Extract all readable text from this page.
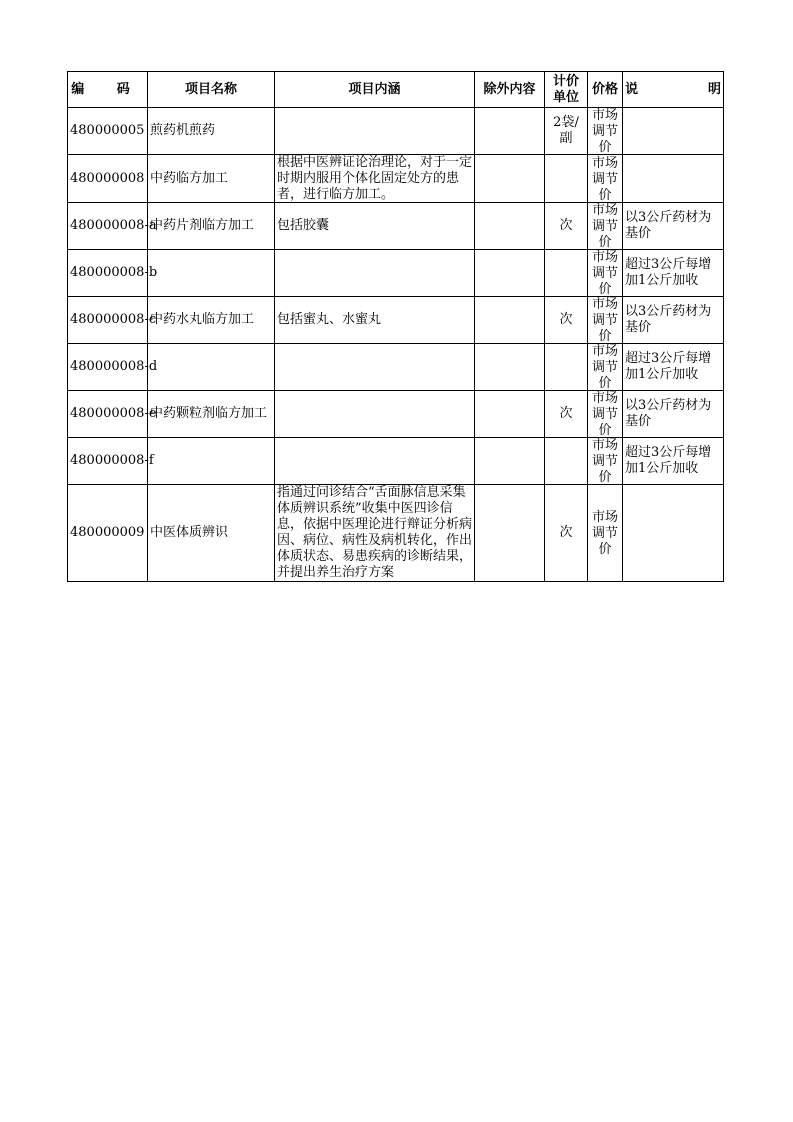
编 码	项目名称	项目内涵	除外内容	计价单位	价格	说 明
480000005	煎药机煎药			2袋/副	市场调节价	

480000008	中药临方加工	根据中医辨证论治理论，对于一定时期内服用个体化固定处方的患者，进行临方加工。			市场调节价	

480000008-a	中药片剂临方加工	包括胶囊		次	市场调节价	以3公斤药材为基价
480000008-b					市场调节价	超过3公斤每增加1公斤加收
480000008-c	中药水丸临方加工	包括蜜丸、水蜜丸		次	市场调节价	以3公斤药材为基价
480000008-d					市场调节价	超过3公斤每增加1公斤加收
480000008-e	中药颗粒剂临方加工			次	市场调节价	以3公斤药材为基价
480000008-f					市场调节价	超过3公斤每增加1公斤加收
480000009	中医体质辨识	指通过问诊结合“舌面脉信息采集体质辨识系统”收集中医四诊信息，依据中医理论进行辩证分析病因、病位、病性及病机转化，作出体质状态、易患疾病的诊断结果，并提出养生治疗方案		次	市场调节价	
